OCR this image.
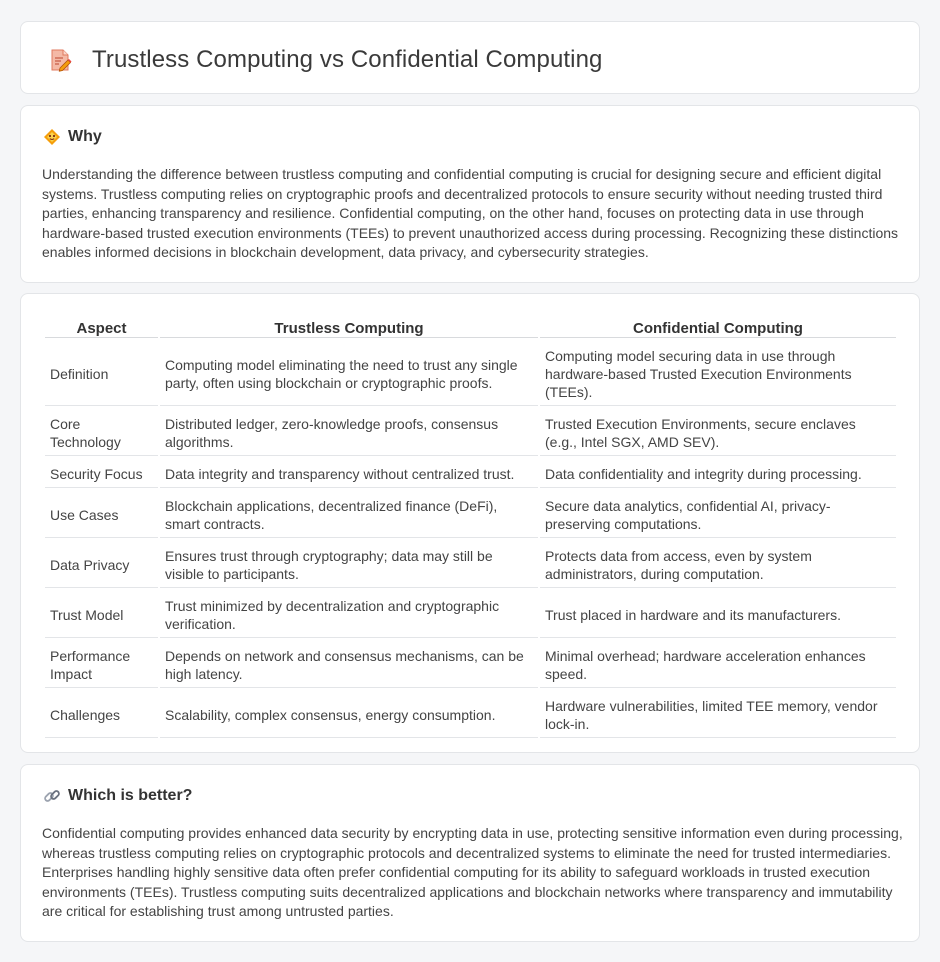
Trustless Computing vs Confidential Computing
Why

Understanding the difference between trustless computing and confidential computing is crucial for designing secure and efficient digital systems. Trustless computing relies on cryptographic proofs and decentralized protocols to ensure security without needing trusted third parties, enhancing transparency and resilience. Confidential computing, on the other hand, focuses on protecting data in use through hardware-based trusted execution environments (TEEs) to prevent unauthorized access during processing. Recognizing these distinctions enables informed decisions in blockchain development, data privacy, and cybersecurity strategies.

Aspect	Trustless Computing	Confidential Computing
Definition	Computing model eliminating the need to trust any single party, often using blockchain or cryptographic proofs.	Computing model securing data in use through hardware-based Trusted Execution Environments (TEEs).
Core Technology	Distributed ledger, zero-knowledge proofs, consensus algorithms.	Trusted Execution Environments, secure enclaves (e.g., Intel SGX, AMD SEV).
Security Focus	Data integrity and transparency without centralized trust.	Data confidentiality and integrity during processing.
Use Cases	Blockchain applications, decentralized finance (DeFi), smart contracts.	Secure data analytics, confidential AI, privacy-preserving computations.
Data Privacy	Ensures trust through cryptography; data may still be visible to participants.	Protects data from access, even by system administrators, during computation.
Trust Model	Trust minimized by decentralization and cryptographic verification.	Trust placed in hardware and its manufacturers.
Performance Impact	Depends on network and consensus mechanisms, can be high latency.	Minimal overhead; hardware acceleration enhances speed.
Challenges	Scalability, complex consensus, energy consumption.	Hardware vulnerabilities, limited TEE memory, vendor lock-in.
Which is better?

Confidential computing provides enhanced data security by encrypting data in use, protecting sensitive information even during processing, whereas trustless computing relies on cryptographic protocols and decentralized systems to eliminate the need for trusted intermediaries. Enterprises handling highly sensitive data often prefer confidential computing for its ability to safeguard workloads in trusted execution environments (TEEs). Trustless computing suits decentralized applications and blockchain networks where transparency and immutability are critical for establishing trust among untrusted parties.
